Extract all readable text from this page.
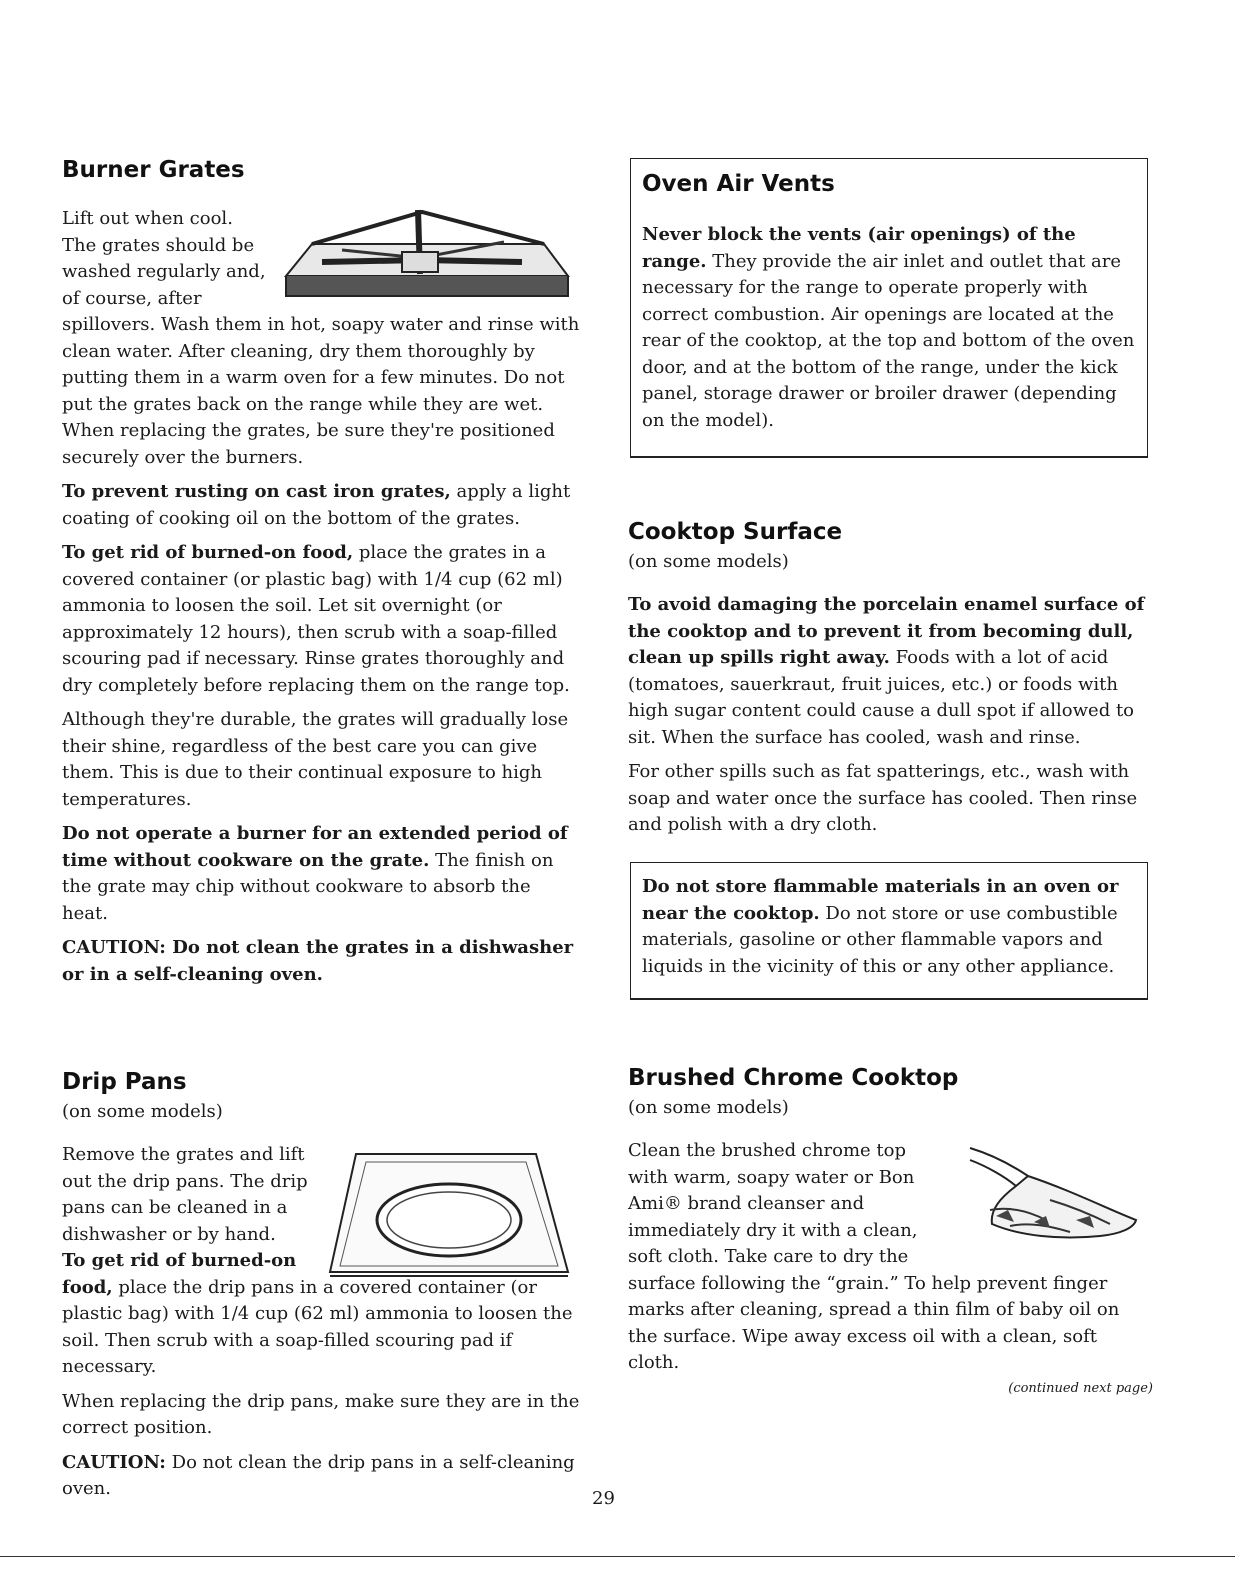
Burner Grates

Lift out when cool.

The grates should be

washed regularly and,

of course, after

spillovers. Wash them in hot, soapy water and rinse with clean water. After cleaning, dry them thoroughly by putting them in a warm oven for a few minutes. Do not put the grates back on the range while they are wet. When replacing the grates, be sure they're positioned securely over the burners.

To prevent rusting on cast iron grates, apply a light coating of cooking oil on the bottom of the grates.

To get rid of burned-on food, place the grates in a covered container (or plastic bag) with 1/4 cup (62 ml) ammonia to loosen the soil. Let sit overnight (or approximately 12 hours), then scrub with a soap-filled scouring pad if necessary. Rinse grates thoroughly and dry completely before replacing them on the range top.

Although they're durable, the grates will gradually lose their shine, regardless of the best care you can give them. This is due to their continual exposure to high temperatures.

Do not operate a burner for an extended period of time without cookware on the grate. The finish on the grate may chip without cookware to absorb the heat.

CAUTION: Do not clean the grates in a dishwasher or in a self-cleaning oven.

Drip Pans

(on some models)

Remove the grates and lift

out the drip pans. The drip

pans can be cleaned in a

dishwasher or by hand.

To get rid of burned-on

food, place the drip pans in a covered container (or plastic bag) with 1/4 cup (62 ml) ammonia to loosen the soil. Then scrub with a soap-filled scouring pad if necessary.

When replacing the drip pans, make sure they are in the correct position.

CAUTION: Do not clean the drip pans in a self-cleaning oven.

Oven Air Vents

Never block the vents (air openings) of the range. They provide the air inlet and outlet that are necessary for the range to operate properly with correct combustion. Air openings are located at the rear of the cooktop, at the top and bottom of the oven door, and at the bottom of the range, under the kick panel, storage drawer or broiler drawer (depending on the model).

Cooktop Surface

(on some models)

To avoid damaging the porcelain enamel surface of the cooktop and to prevent it from becoming dull, clean up spills right away. Foods with a lot of acid (tomatoes, sauerkraut, fruit juices, etc.) or foods with high sugar content could cause a dull spot if allowed to sit. When the surface has cooled, wash and rinse.

For other spills such as fat spatterings, etc., wash with soap and water once the surface has cooled. Then rinse and polish with a dry cloth.

Do not store flammable materials in an oven or near the cooktop. Do not store or use combustible materials, gasoline or other flammable vapors and liquids in the vicinity of this or any other appliance.

Brushed Chrome Cooktop

(on some models)

Clean the brushed chrome top

with warm, soapy water or Bon

Ami® brand cleanser and

immediately dry it with a clean,

soft cloth. Take care to dry the

surface following the “grain.” To help prevent finger marks after cleaning, spread a thin film of baby oil on the surface. Wipe away excess oil with a clean, soft cloth.

(continued next page)
29
